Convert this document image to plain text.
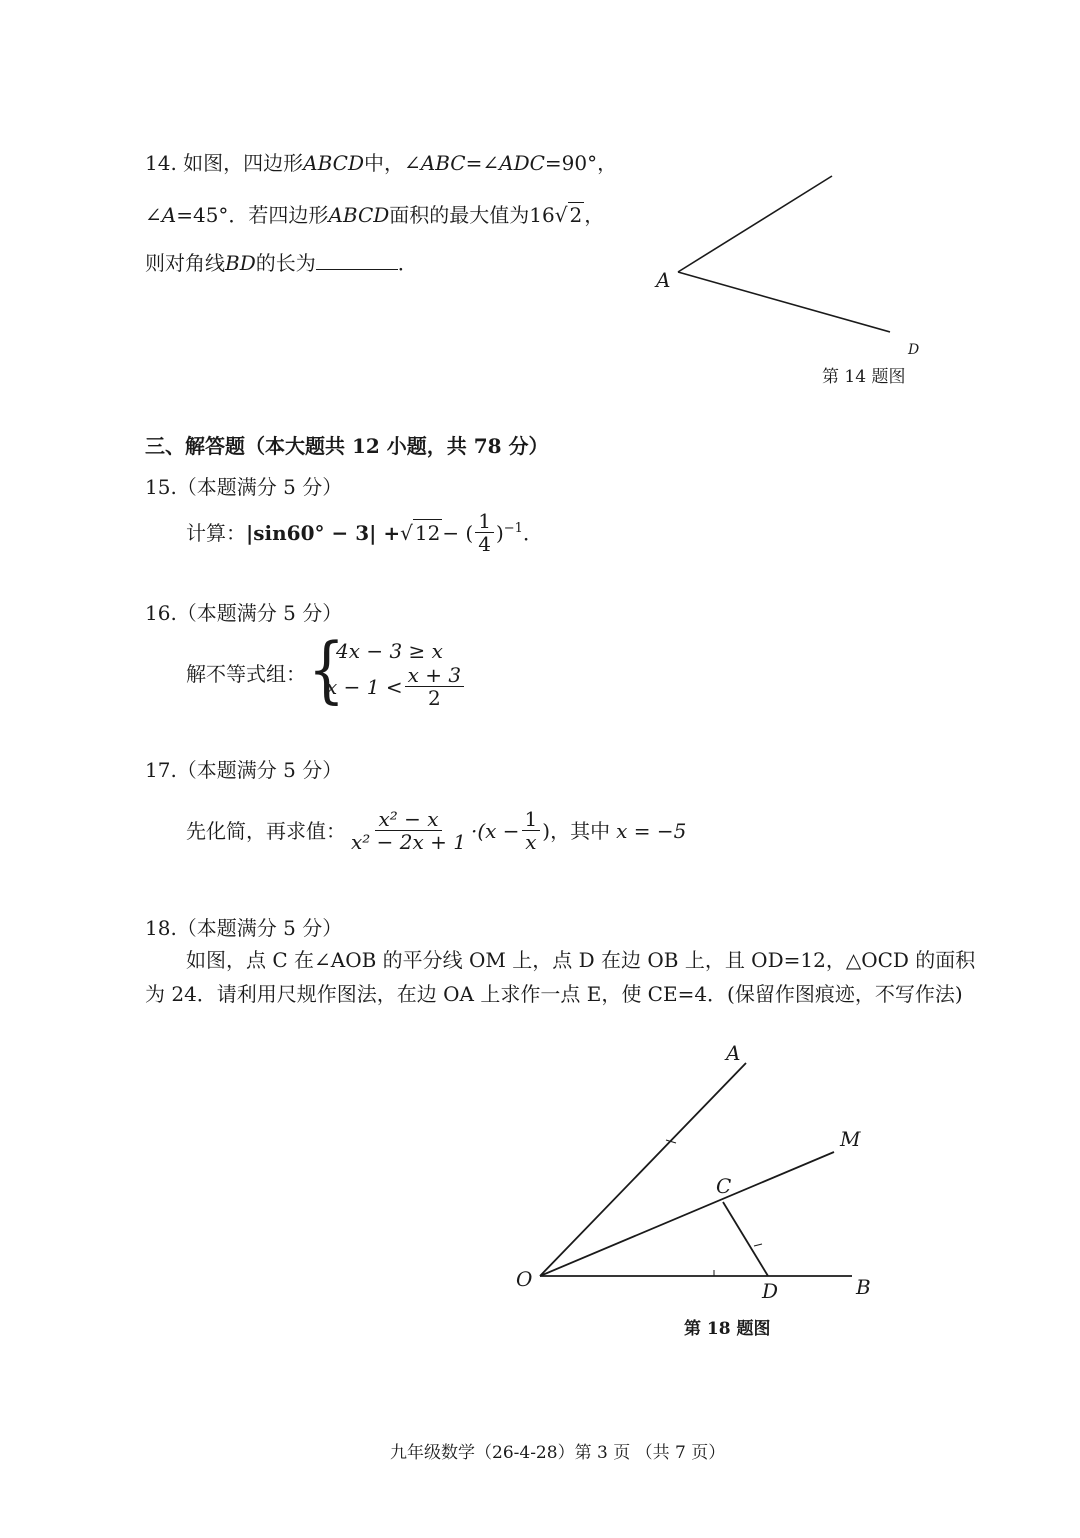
14. 如图，四边形ABCD中，∠ABC=∠ADC=90°，
∠A=45°．若四边形ABCD面积的最大值为16√ 2 ，
则对角线BD的长为	．
A
D
第 14 题图
三、解答题（本大题共 12 小题，共 78 分）
15.（本题满分 5 分）
计算： |sin60° − 3| + √ 12 − ( $\frac{1}{4}$ ) −1 ．
16.（本题满分 5 分）
解不等式组： {
4x − 3 ≥ x
$x - 1 < \frac{x + 3}{2}$
17.（本题满分 5 分）
先化简，再求值： $\frac{\text{x² − x}}{\text{x² − 2x + 1}} \cdot(x - \frac{1}{x}$ )，其中 x = −5
18.（本题满分 5 分）
如图，点 C 在∠AOB 的平分线 OM 上，点 D 在边 OB 上，且 OD=12，△OCD 的面积
为 24．请利用尺规作图法，在边 OA 上求作一点 E，使 CE=4．(保留作图痕迹，不写作法)
A
M
C
O	D	B
第 18 题图
九年级数学（26-4-28）第 3 页 （共 7 页）
